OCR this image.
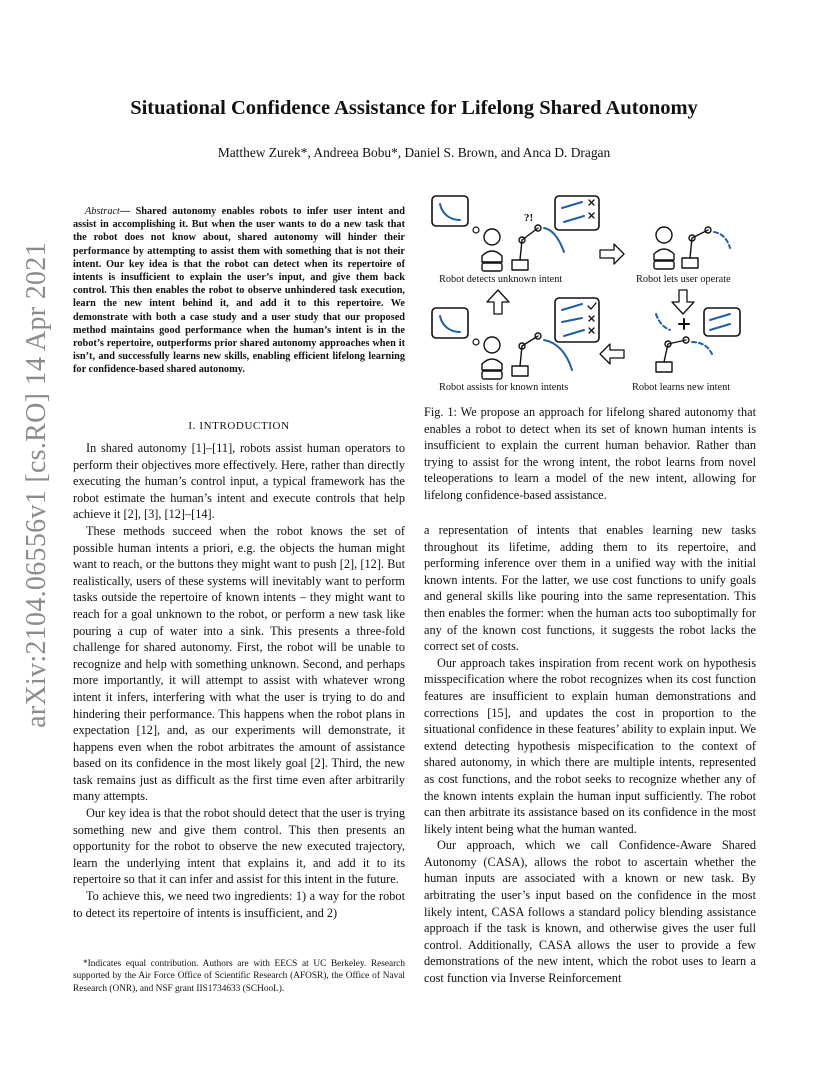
arXiv:2104.06556v1 [cs.RO] 14 Apr 2021
Situational Confidence Assistance for Lifelong Shared Autonomy
Matthew Zurek*, Andreea Bobu*, Daniel S. Brown, and Anca D. Dragan
Abstract— Shared autonomy enables robots to infer user intent and assist in accomplishing it. But when the user wants to do a new task that the robot does not know about, shared autonomy will hinder their performance by attempting to assist them with something that is not their intent. Our key idea is that the robot can detect when its repertoire of intents is insufficient to explain the user’s input, and give them back control. This then enables the robot to observe unhindered task execution, learn the new intent behind it, and add it to this repertoire. We demonstrate with both a case study and a user study that our proposed method maintains good performance when the human’s intent is in the robot’s repertoire, outperforms prior shared autonomy approaches when it isn’t, and successfully learns new skills, enabling efficient lifelong learning for confidence-based shared autonomy.
I. INTRODUCTION

In shared autonomy [1]–[11], robots assist human operators to perform their objectives more effectively. Here, rather than directly executing the human’s control input, a typical framework has the robot estimate the human’s intent and execute controls that help achieve it [2], [3], [12]–[14].

These methods succeed when the robot knows the set of possible human intents a priori, e.g. the objects the human might want to reach, or the buttons they might want to push [2], [12]. But realistically, users of these systems will inevitably want to perform tasks outside the repertoire of known intents – they might want to reach for a goal unknown to the robot, or perform a new task like pouring a cup of water into a sink. This presents a three-fold challenge for shared autonomy. First, the robot will be unable to recognize and help with something unknown. Second, and perhaps more importantly, it will attempt to assist with whatever wrong intent it infers, interfering with what the user is trying to do and hindering their performance. This happens when the robot plans in expectation [12], and, as our experiments will demonstrate, it happens even when the robot arbitrates the amount of assistance based on its confidence in the most likely goal [2]. Third, the new task remains just as difficult as the first time even after arbitrarily many attempts.

Our key idea is that the robot should detect that the user is trying something new and give them control. This then presents an opportunity for the robot to observe the new executed trajectory, learn the underlying intent that explains it, and add it to its repertoire so that it can infer and assist for this intent in the future.

To achieve this, we need two ingredients: 1) a way for the robot to detect its repertoire of intents is insufficient, and 2)

*Indicates equal contribution. Authors are with EECS at UC Berkeley. Research supported by the Air Force Office of Scientific Research (AFOSR), the Office of Naval Research (ONR), and NSF grant IIS1734633 (SCHooL).
?!
Robot detects unknown intent	Robot lets user operate
Robot assists for known intents	Robot learns new intent
Fig. 1: We propose an approach for lifelong shared autonomy that enables a robot to detect when its set of known human intents is insufficient to explain the current human behavior. Rather than trying to assist for the wrong intent, the robot learns from novel teleoperations to learn a model of the new intent, allowing for lifelong confidence-based assistance.

a representation of intents that enables learning new tasks throughout its lifetime, adding them to its repertoire, and performing inference over them in a unified way with the initial known intents. For the latter, we use cost functions to unify goals and general skills like pouring into the same representation. This then enables the former: when the human acts too suboptimally for any of the known cost functions, it suggests the robot lacks the correct set of costs.

Our approach takes inspiration from recent work on hypothesis misspecification where the robot recognizes when its cost function features are insufficient to explain human demonstrations and corrections [15], and updates the cost in proportion to the situational confidence in these features’ ability to explain input. We extend detecting hypothesis mispecification to the context of shared autonomy, in which there are multiple intents, represented as cost functions, and the robot seeks to recognize whether any of the known intents explain the human input sufficiently. The robot can then arbitrate its assistance based on its confidence in the most likely intent being what the human wanted.

Our approach, which we call Confidence-Aware Shared Autonomy (CASA), allows the robot to ascertain whether the human inputs are associated with a known or new task. By arbitrating the user’s input based on the confidence in the most likely intent, CASA follows a standard policy blending assistance approach if the task is known, and otherwise gives the user full control. Additionally, CASA allows the user to provide a few demonstrations of the new intent, which the robot uses to learn a cost function via Inverse Reinforcement
